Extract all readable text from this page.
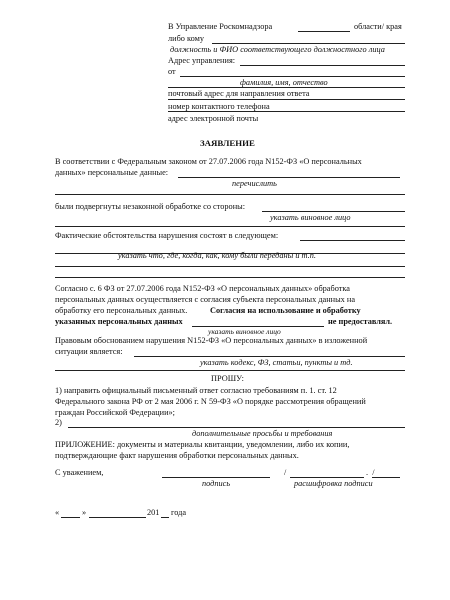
В Управление Роскомнадзора	области/ края
либо кому
должность и ФИО соответствующего должностного лица
Адрес управления:
от
фамилия, имя, отчество
почтовый адрес для направления ответа
номер контактного телефона
адрес электронной почты
ЗАЯВЛЕНИЕ
В соответствии с Федеральным законом от 27.07.2006 года N152-ФЗ «О персональных
данных» персональные данные:
перечислить
были подвергнуты незаконной обработке со стороны:
указать виновное лицо
Фактические обстоятельства нарушения состоят в следующем:
указать что, где, когда, как, кому были переданы и т.п.
Согласно с. 6 ФЗ от 27.07.2006 года N152-ФЗ «О персональных данных» обработка
персональных данных осуществляется с согласия субъекта персональных данных на
обработку его персональных данных.	Согласия на использование и обработку
указанных персональных данных	не предоставлял.
указать виновное лицо
Правовым обоснованием нарушения N152-ФЗ «О персональных данных» в изложенной
ситуации является:
указать кодекс, ФЗ, статьи, пункты и тд.
ПРОШУ:
1) направить официальный письменный ответ согласно требованиям п. 1. ст. 12
Федерального закона РФ от 2 мая 2006 г. N 59-ФЗ «О порядке рассмотрения обращений
граждан Российской Федерации»;
2)
дополнительные просьбы и требования
ПРИЛОЖЕНИЕ: документы и материалы квитанции, уведомлении, либо их копии,
подтверждающие факт нарушения обработки персональных данных.
С уважением,
подпись
/	.  /
расшифровка подписи
«	»	201 года
